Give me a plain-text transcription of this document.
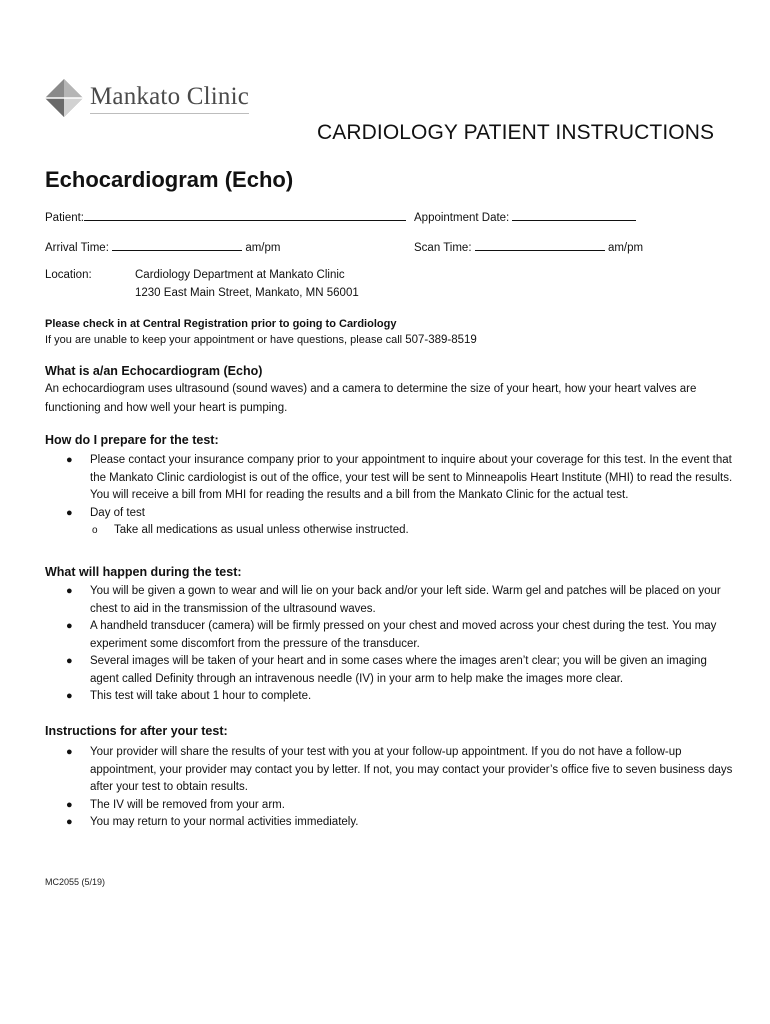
Mankato Clinic
CARDIOLOGY PATIENT INSTRUCTIONS
Echocardiogram (Echo)
Patient:	Appointment Date:
Arrival Time:	am/pm	Scan Time:	am/pm
Location:	Cardiology Department at Mankato Clinic
1230 East Main Street, Mankato, MN 56001
Please check in at Central Registration prior to going to Cardiology
If you are unable to keep your appointment or have questions, please call 507-389-8519
What is a/an Echocardiogram (Echo)
An echocardiogram uses ultrasound (sound waves) and a camera to determine the size of your heart, how your heart valves are functioning and how well your heart is pumping.
How do I prepare for the test:
● Please contact your insurance company prior to your appointment to inquire about your coverage for this test. In the event that the Mankato Clinic cardiologist is out of the office, your test will be sent to Minneapolis Heart Institute (MHI) to read the results. You will receive a bill from MHI for reading the results and a bill from the Mankato Clinic for the actual test.
● Day of test
o Take all medications as usual unless otherwise instructed.
What will happen during the test:
● You will be given a gown to wear and will lie on your back and/or your left side. Warm gel and patches will be placed on your chest to aid in the transmission of the ultrasound waves.
● A handheld transducer (camera) will be firmly pressed on your chest and moved across your chest during the test. You may experiment some discomfort from the pressure of the transducer.
● Several images will be taken of your heart and in some cases where the images aren’t clear; you will be given an imaging agent called Definity through an intravenous needle (IV) in your arm to help make the images more clear.
● This test will take about 1 hour to complete.
Instructions for after your test:
● Your provider will share the results of your test with you at your follow-up appointment. If you do not have a follow-up appointment, your provider may contact you by letter. If not, you may contact your provider’s office five to seven business days after your test to obtain results.
● The IV will be removed from your arm.
● You may return to your normal activities immediately.
MC2055 (5/19)
